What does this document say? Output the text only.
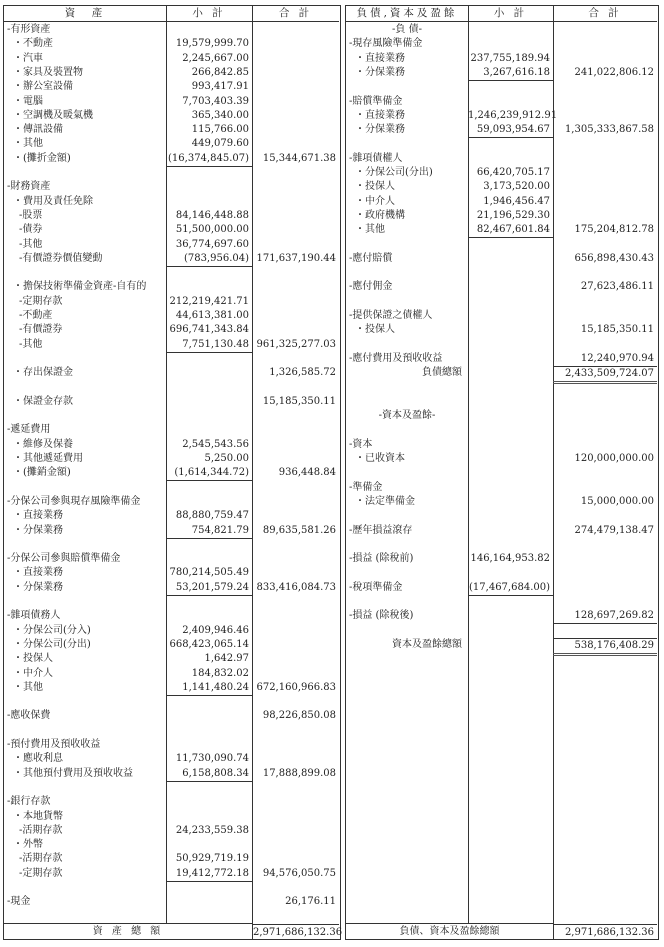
資　產	小 計	合 計
-有形資產
・不動產	19,579,999.70
・汽車	2,245,667.00
・家具及裝置物	266,842.85
・辦公室設備	993,417.91
・電腦	7,703,403.39
・空調機及暖氣機	365,340.00
・傳訊設備	115,766.00
・其他	449,079.60
・(攤折金額)	(16,374,845.07)	15,344,671.38
-財務資產
・費用及責任免除
-股票	84,146,448.88
-債券	51,500,000.00
-其他	36,774,697.60
-有價證券價值變動	(783,956.04) 171,637,190.44
・擔保技術準備金資產-自有的
-定期存款	212,219,421.71
-不動產	44,613,381.00
-有價證券	696,741,343.84
-其他	7,751,130.48 961,325,277.03
・存出保證金	1,326,585.72
・保證金存款	15,185,350.11
-遞延費用
・維修及保養	2,545,543.56
・其他遞延費用	5,250.00
・(攤銷金額)	(1,614,344.72)	936,448.84
-分保公司參與現存風險準備金
・直接業務	88,880,759.47
・分保業務	754,821.79	89,635,581.26
-分保公司參與賠償準備金
・直接業務	780,214,505.49
・分保業務	53,201,579.24 833,416,084.73
-雜項債務人
・分保公司(分入)	2,409,946.46
・分保公司(分出)	668,423,065.14
・投保人	1,642.97
・中介人	184,832.02
・其他	1,141,480.24 672,160,966.83
-應收保費	98,226,850.08
-預付費用及預收收益
・應收利息	11,730,090.74
・其他預付費用及預收收益	6,158,808.34	17,888,899.08
-銀行存款
・本地貨幣
-活期存款	24,233,559.38
・外幣
-活期存款	50,929,719.19
-定期存款	19,412,772.18	94,576,050.75
-現金	26,176.11
資 產 總 額	2,971,686,132.36
負債,資本及盈餘	小 計	合 計
-負 債-
-現存風險準備金
・直接業務	237,755,189.94
・分保業務	3,267,616.18	241,022,806.12
-賠償準備金
・直接業務	1,246,239,912.91
・分保業務	59,093,954.67	1,305,333,867.58
-雜項債權人
・分保公司(分出)	66,420,705.17
・投保人	3,173,520.00
・中介人	1,946,456.47
・政府機構	21,196,529.30
・其他	82,467,601.84	175,204,812.78
-應付賠償	656,898,430.43
-應付佣金	27,623,486.11
-提供保證之債權人
・投保人	15,185,350.11
-應付費用及預收收益	12,240,970.94
負債總額	2,433,509,724.07
-資本及盈餘-
-資本
・已收資本	120,000,000.00
-準備金
・法定準備金	15,000,000.00
-歷年損益滾存	274,479,138.47
-損益 (除稅前)	146,164,953.82
-稅項準備金	(17,467,684.00)
-損益 (除稅後)	128,697,269.82
資本及盈餘總額	538,176,408.29
負債、資本及盈餘總額	2,971,686,132.36
